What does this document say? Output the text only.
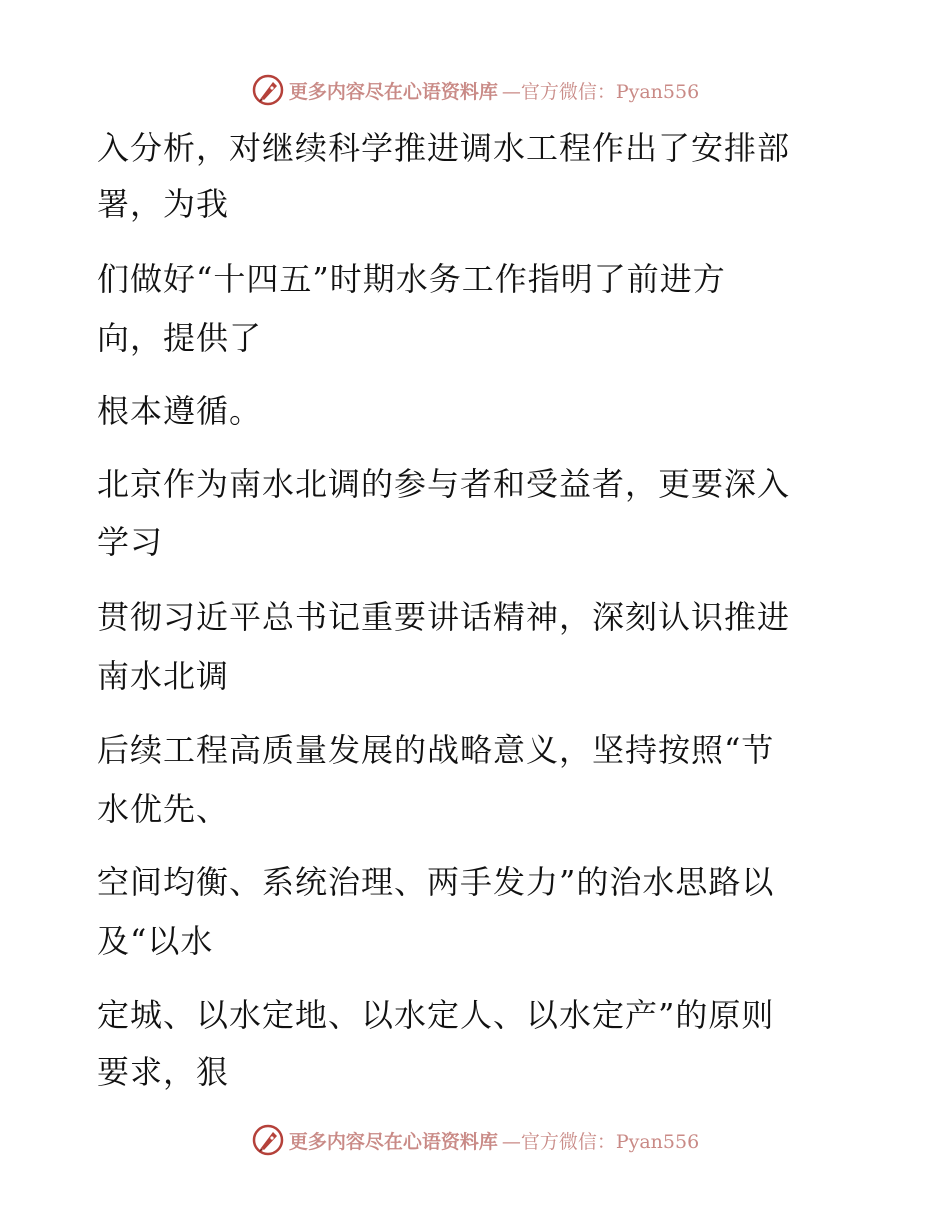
更多内容尽在心语资料库 —官方微信：Pyan556
入分析，对继续科学推进调水工程作出了安排部
署，为我
们做好“十四五”时期水务工作指明了前进方
向，提供了
根本遵循。
北京作为南水北调的参与者和受益者，更要深入
学习
贯彻习近平总书记重要讲话精神，深刻认识推进
南水北调
后续工程高质量发展的战略意义，坚持按照“节
水优先、
空间均衡、系统治理、两手发力”的治水思路以
及“以水
定城、以水定地、以水定人、以水定产”的原则
要求，狠
更多内容尽在心语资料库 —官方微信：Pyan556
